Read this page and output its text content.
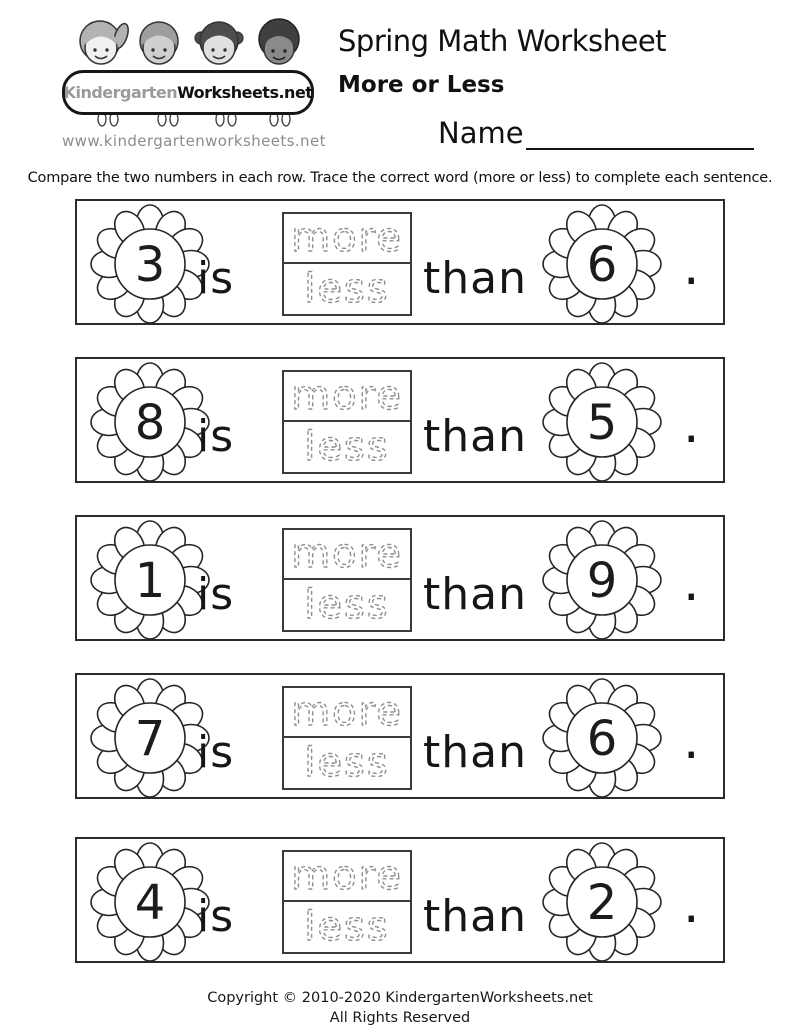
Kindergarten Worksheets.net
www.kindergartenworksheets.net
Spring Math Worksheet
More or Less
Name
Compare the two numbers in each row. Trace the correct word (more or less) to complete each sentence.
3 is
more
less than 6 .
8 is
more
less than 5 .
1 is
more
less than 9 .
7 is
more
less than 6 .
4 is
more
less than 2 .
Copyright © 2010-2020 KindergartenWorksheets.net
All Rights Reserved
